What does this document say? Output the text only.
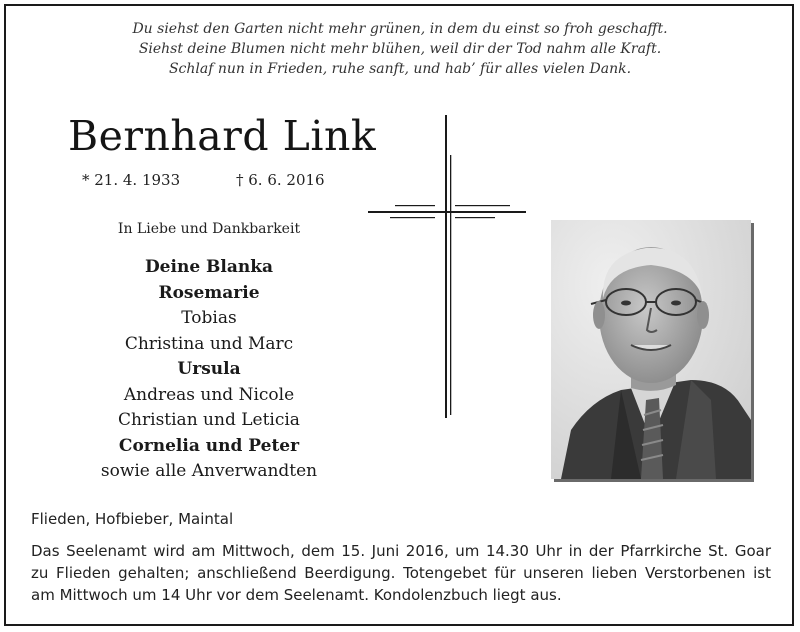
Du siehst den Garten nicht mehr grünen, in dem du einst so froh geschafft.
Siehst deine Blumen nicht mehr blühen, weil dir der Tod nahm alle Kraft.
Schlaf nun in Frieden, ruhe sanft, und hab’ für alles vielen Dank.
Bernhard Link
* 21. 4. 1933	† 6. 6. 2016
In Liebe und Dankbarkeit
Deine Blanka
Rosemarie
Tobias
Christina und Marc
Ursula
Andreas und Nicole
Christian und Leticia
Cornelia und Peter
sowie alle Anverwandten
Flieden, Hofbieber, Maintal
Das Seelenamt wird am Mittwoch, dem 15. Juni 2016, um 14.30 Uhr in der Pfarrkirche St. Goar
zu Flieden gehalten; anschließend Beerdigung. Totengebet für unseren lieben Verstorbenen ist
am Mittwoch um 14 Uhr vor dem Seelenamt. Kondolenzbuch liegt aus.
